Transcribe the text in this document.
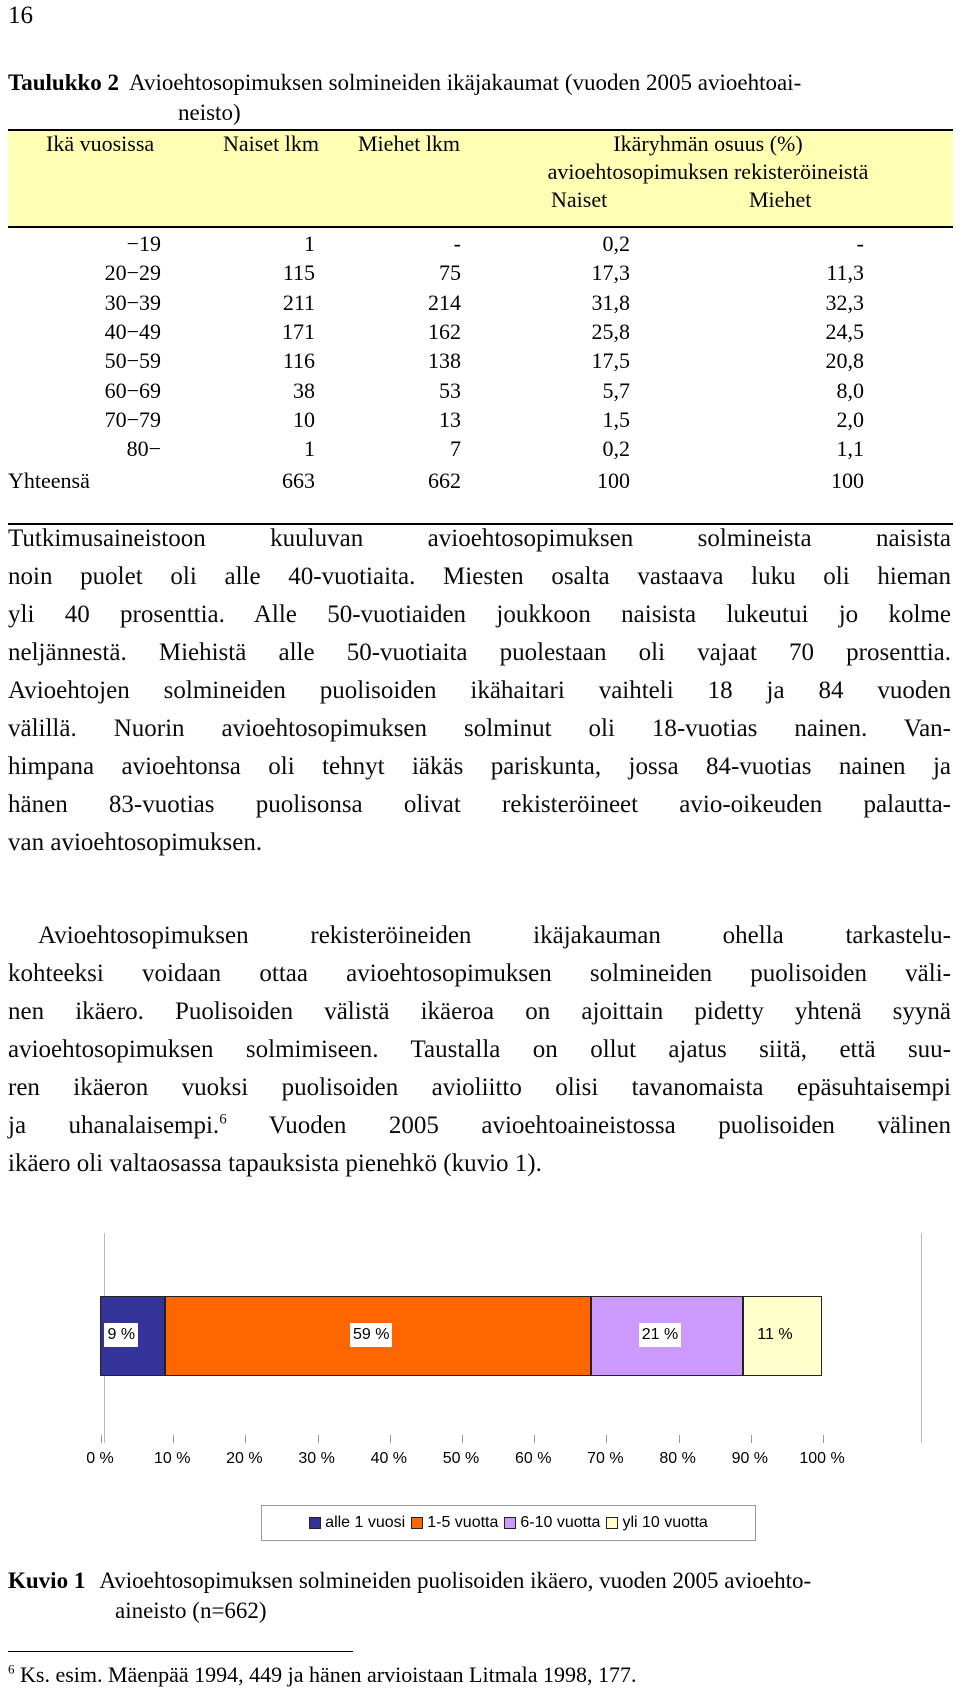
16
Taulukko 2 Avioehtosopimuksen solmineiden ikäjakaumat (vuoden 2005 avioehtoai-
neisto)
Ikä vuosissa	Naiset lkm Miehet lkm	Ikäryhmän osuus (%)
avioehtosopimuksen rekisteröineistä
Naiset	Miehet
−19	1	-	0,2	-
20−29	115	75	17,3	11,3
30−39	211	214	31,8	32,3
40−49	171	162	25,8	24,5
50−59	116	138	17,5	20,8
60−69	38	53	5,7	8,0
70−79	10	13	1,5	2,0
80−	1	7	0,2	1,1
Yhteensä	663	662	100	100
Tutkimusaineistoon kuuluvan avioehtosopimuksen solmineista naisista
noin puolet oli alle 40-vuotiaita. Miesten osalta vastaava luku oli hieman
yli 40 prosenttia. Alle 50-vuotiaiden joukkoon naisista lukeutui jo kolme
neljännestä. Miehistä alle 50-vuotiaita puolestaan oli vajaat 70 prosenttia.
Avioehtojen solmineiden puolisoiden ikähaitari vaihteli 18 ja 84 vuoden
välillä. Nuorin avioehtosopimuksen solminut oli 18-vuotias nainen. Van-
himpana avioehtonsa oli tehnyt iäkäs pariskunta, jossa 84-vuotias nainen ja
hänen 83-vuotias puolisonsa olivat rekisteröineet avio-oikeuden palautta-
van avioehtosopimuksen.
Avioehtosopimuksen rekisteröineiden ikäjakauman ohella tarkastelu-
kohteeksi voidaan ottaa avioehtosopimuksen solmineiden puolisoiden väli-
nen ikäero. Puolisoiden välistä ikäeroa on ajoittain pidetty yhtenä syynä
avioehtosopimuksen solmimiseen. Taustalla on ollut ajatus siitä, että suu-
ren ikäeron vuoksi puolisoiden avioliitto olisi tavanomaista epäsuhtaisempi
ja uhanalaisempi.$^6$ Vuoden 2005 avioehtoaineistossa puolisoiden välinen
ikäero oli valtaosassa tapauksista pienehkö (kuvio 1).
0 %	10 %	20 %	30 %	40 %	50 %	60 %	70 %	80 %	90 %	100 %
9 %	59 %	21 %	11 %
alle 1 vuosi 1-5 vuotta 6-10 vuotta yli 10 vuotta
Kuvio 1 Avioehtosopimuksen solmineiden puolisoiden ikäero, vuoden 2005 avioehto-
aineisto (n=662)
$^6$ Ks. esim. Mäenpää 1994, 449 ja hänen arvioistaan Litmala 1998, 177.
